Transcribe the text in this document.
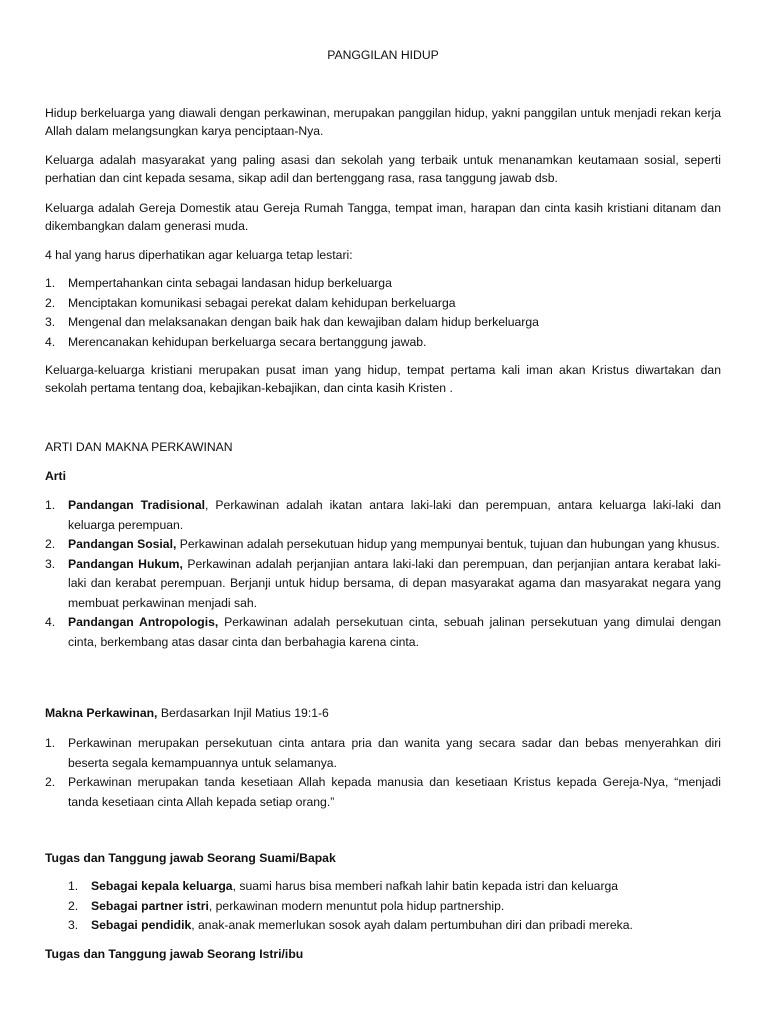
PANGGILAN HIDUP

Hidup berkeluarga yang diawali dengan perkawinan, merupakan panggilan hidup, yakni panggilan untuk menjadi rekan kerja Allah dalam melangsungkan karya penciptaan-Nya.

Keluarga adalah masyarakat yang paling asasi dan sekolah yang terbaik untuk menanamkan keutamaan sosial, seperti perhatian dan cint kepada sesama, sikap adil dan bertenggang rasa, rasa tanggung jawab dsb.

Keluarga adalah Gereja Domestik atau Gereja Rumah Tangga, tempat iman, harapan dan cinta kasih kristiani ditanam dan dikembangkan dalam generasi muda.

4 hal yang harus diperhatikan agar keluarga tetap lestari:

1. Mempertahankan cinta sebagai landasan hidup berkeluarga
2. Menciptakan komunikasi sebagai perekat dalam kehidupan berkeluarga
3. Mengenal dan melaksanakan dengan baik hak dan kewajiban dalam hidup berkeluarga
4. Merencanakan kehidupan berkeluarga secara bertanggung jawab.

Keluarga-keluarga kristiani merupakan pusat iman yang hidup, tempat pertama kali iman akan Kristus diwartakan dan sekolah pertama tentang doa, kebajikan-kebajikan, dan cinta kasih Kristen .

ARTI DAN MAKNA PERKAWINAN

Arti

1. Pandangan Tradisional, Perkawinan adalah ikatan antara laki-laki dan perempuan, antara keluarga laki-laki dan keluarga perempuan.
2. Pandangan Sosial, Perkawinan adalah persekutuan hidup yang mempunyai bentuk, tujuan dan hubungan yang khusus.
3. Pandangan Hukum, Perkawinan adalah perjanjian antara laki-laki dan perempuan, dan perjanjian antara kerabat laki-laki dan kerabat perempuan. Berjanji untuk hidup bersama, di depan masyarakat agama dan masyarakat negara yang membuat perkawinan menjadi sah.
4. Pandangan Antropologis, Perkawinan adalah persekutuan cinta, sebuah jalinan persekutuan yang dimulai dengan cinta, berkembang atas dasar cinta dan berbahagia karena cinta.

Makna Perkawinan, Berdasarkan Injil Matius 19:1-6

1. Perkawinan merupakan persekutuan cinta antara pria dan wanita yang secara sadar dan bebas menyerahkan diri beserta segala kemampuannya untuk selamanya.
2. Perkawinan merupakan tanda kesetiaan Allah kepada manusia dan kesetiaan Kristus kepada Gereja-Nya, “menjadi tanda kesetiaan cinta Allah kepada setiap orang.”

Tugas dan Tanggung jawab Seorang Suami/Bapak

1. Sebagai kepala keluarga, suami harus bisa memberi nafkah lahir batin kepada istri dan keluarga
2. Sebagai partner istri, perkawinan modern menuntut pola hidup partnership.
3. Sebagai pendidik, anak-anak memerlukan sosok ayah dalam pertumbuhan diri dan pribadi mereka.

Tugas dan Tanggung jawab Seorang Istri/ibu
